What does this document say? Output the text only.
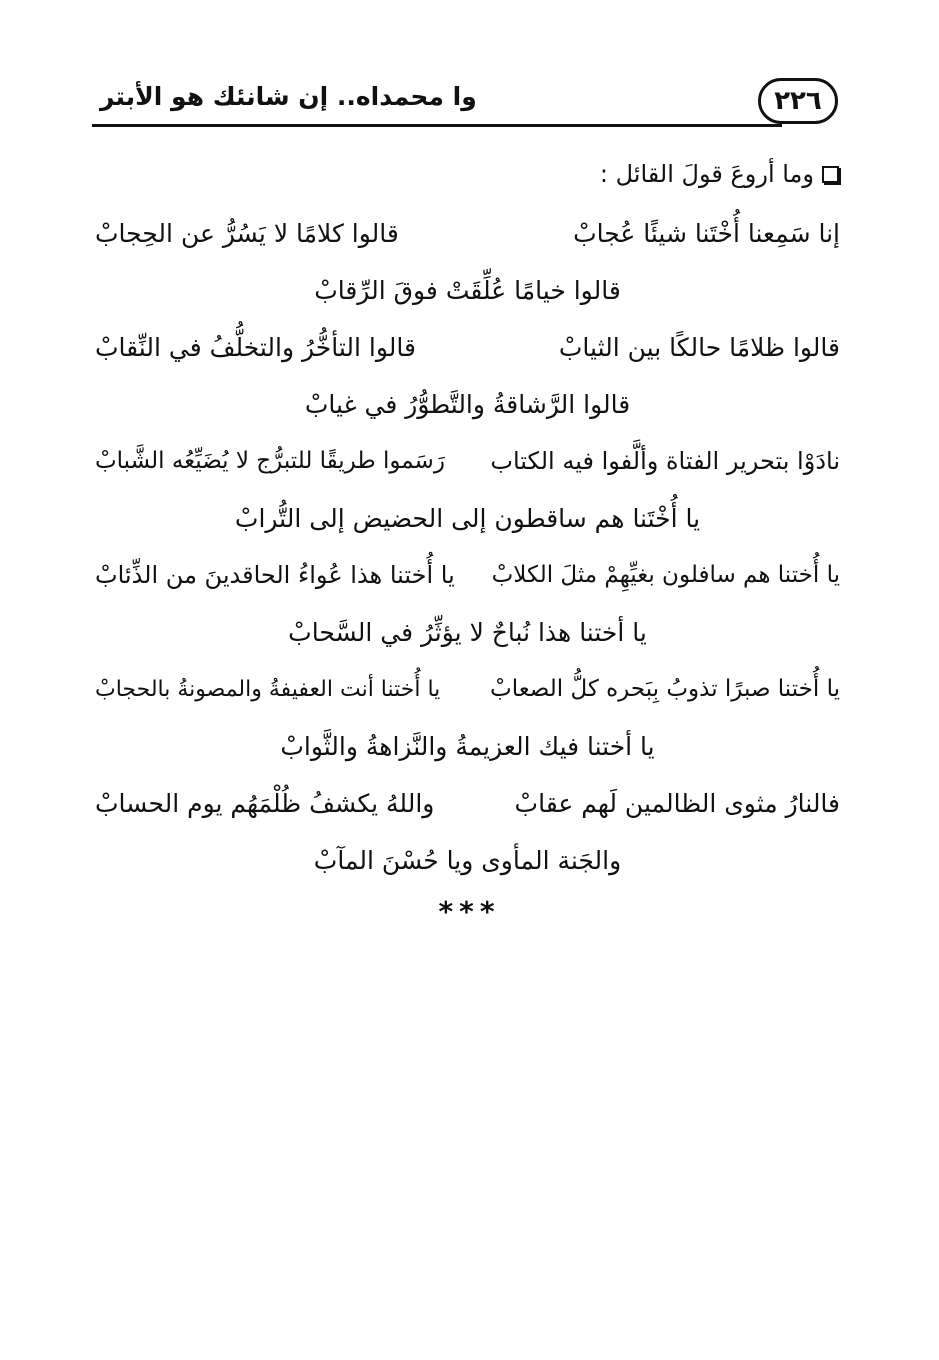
وا محمداه.. إن شانئك هو الأبتر	٢٢٦
وما أروعَ قولَ القائل :
إنا سَمِعنا أُخْتَنا شيئًا عُجابْ
قالوا كلامًا لا يَسُرُّ عن الحِجابْ
قالوا خيامًا عُلِّقَتْ فوقَ الرِّقابْ
قالوا ظلامًا حالكًا بين الثيابْ
قالوا التأخُّرُ والتخلُّفُ في النِّقابْ
قالوا الرَّشاقةُ والتَّطوُّرُ في غيابْ
نادَوْا بتحرير الفتاة وألَّفوا فيه الكتاب
رَسَموا طريقًا للتبرُّج لا يُضَيِّعُه الشَّبابْ
يا أُخْتَنا هم ساقطون إلى الحضيض إلى التُّرابْ
يا أُختنا هم سافلون بغيِّهِمْ مثلَ الكلابْ
يا أُختنا هذا عُواءُ الحاقدينَ من الذِّئابْ
يا أختنا هذا نُباحٌ لا يؤثِّرُ في السَّحابْ
يا أُختنا صبرًا تذوبُ بِبَحره كلُّ الصعابْ
يا أُختنا أنت العفيفةُ والمصونةُ بالحجابْ
يا أختنا فيك العزيمةُ والنَّزاهةُ والثَّوابْ
فالنارُ مثوى الظالمين لَهم عقابْ
واللهُ يكشفُ ظُلْمَهُم يوم الحسابْ
والجَنة المأوى ويا حُسْنَ المآبْ
***
